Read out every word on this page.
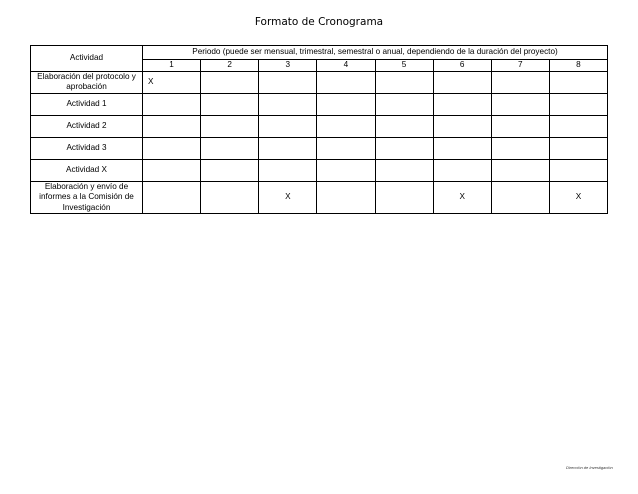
Formato de Cronograma
Actividad	Periodo (puede ser mensual, trimestral, semestral o anual, dependiendo de la duración del proyecto)							
	1	2	3	4	5	6	7	8
Elaboración del protocolo y aprobación	X							
Actividad 1								
Actividad 2								
Actividad 3								
Actividad X								
Elaboración y envío de informes a la Comisión de Investigación			X			X		X
Dirección de Investigación
